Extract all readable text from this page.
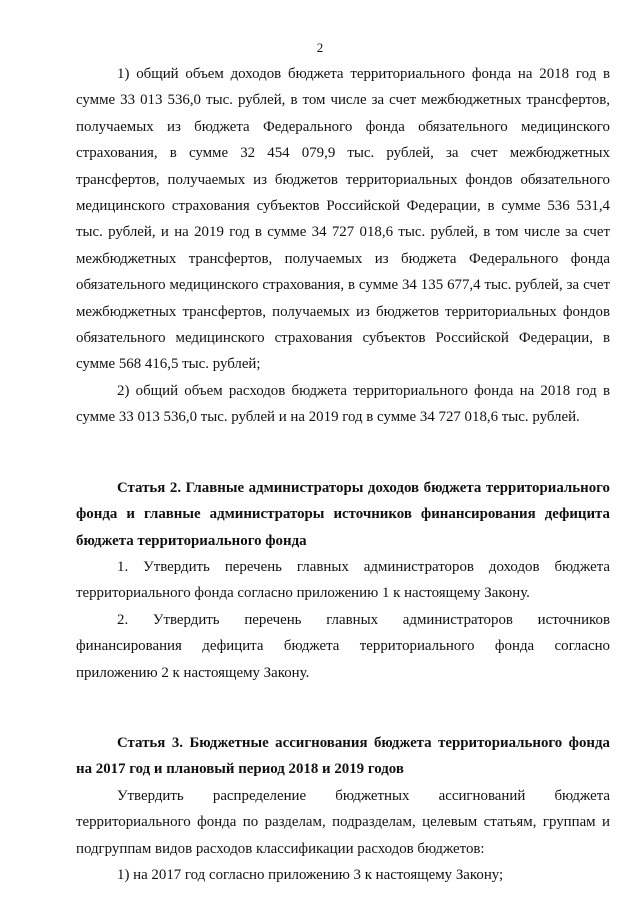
2

1) общий объем доходов бюджета территориального фонда на 2018 год в сумме 33 013 536,0 тыс. рублей, в том числе за счет межбюджетных трансфертов, получаемых из бюджета Федерального фонда обязательного медицинского страхования, в сумме 32 454 079,9 тыс. рублей, за счет межбюджетных трансфертов, получаемых из бюджетов территориальных фондов обязательного медицинского страхования субъектов Российской Федерации, в сумме 536 531,4 тыс. рублей, и на 2019 год в сумме 34 727 018,6 тыс. рублей, в том числе за счет межбюджетных трансфертов, получаемых из бюджета Федерального фонда обязательного медицинского страхования, в сумме 34 135 677,4 тыс. рублей, за счет межбюджетных трансфертов, получаемых из бюджетов территориальных фондов обязательного медицинского страхования субъектов Российской Федерации, в сумме 568 416,5 тыс. рублей;

2) общий объем расходов бюджета территориального фонда на 2018 год в сумме 33 013 536,0 тыс. рублей и на 2019 год в сумме 34 727 018,6 тыс. рублей.

Статья 2. Главные администраторы доходов бюджета территориального фонда и главные администраторы источников финансирования дефицита бюджета территориального фонда

1. Утвердить перечень главных администраторов доходов бюджета территориального фонда согласно приложению 1 к настоящему Закону.

2. Утвердить перечень главных администраторов источников финансирования дефицита бюджета территориального фонда согласно приложению 2 к настоящему Закону.

Статья 3. Бюджетные ассигнования бюджета территориального фонда на 2017 год и плановый период 2018 и 2019 годов

Утвердить распределение бюджетных ассигнований бюджета территориального фонда по разделам, подразделам, целевым статьям, группам и подгруппам видов расходов классификации расходов бюджетов:

1) на 2017 год согласно приложению 3 к настоящему Закону;
